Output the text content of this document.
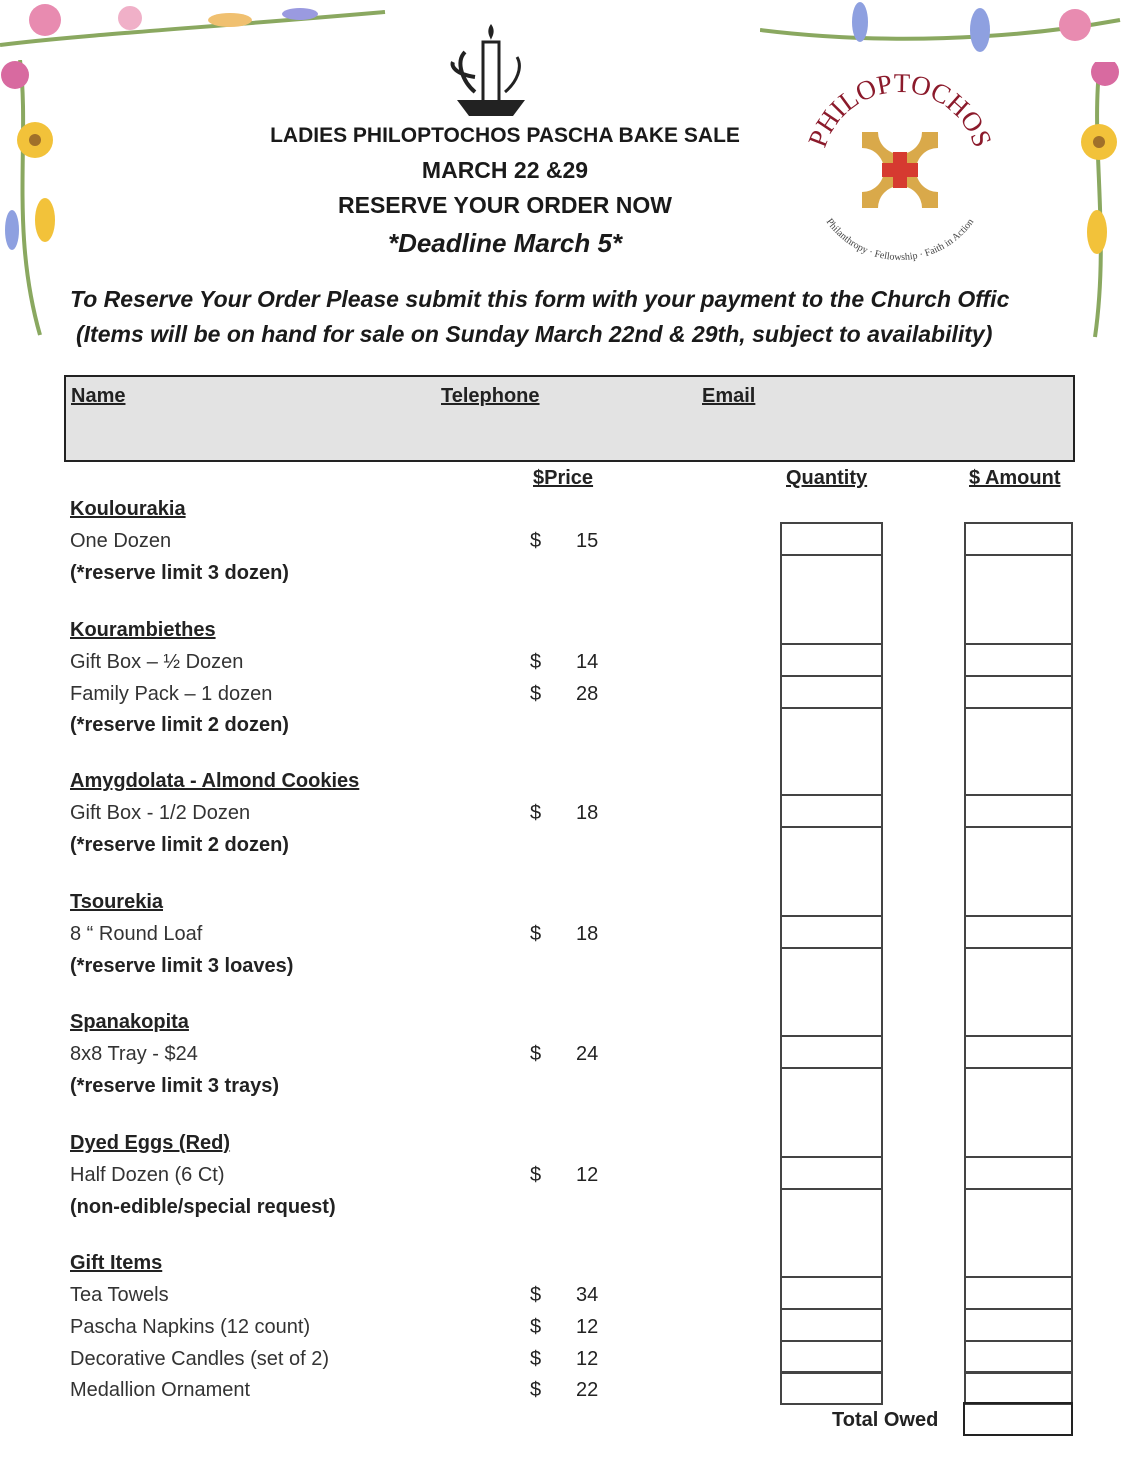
LADIES PHILOPTOCHOS PASCHA BAKE SALE
MARCH 22 &29
RESERVE YOUR ORDER NOW
*Deadline March 5*
PHILOPTOCHOS
Philanthropy · Fellowship · Faith in Action
To Reserve Your Order Please submit this form with your payment to the Church Offic
(Items will be on hand for sale on Sunday March 22nd & 29th, subject to availability)
Name	Telephone	Email
$Price	Quantity	$ Amount
Koulourakia
One Dozen	$ 15
(*reserve limit 3 dozen)
Kourambiethes
Gift Box – ½ Dozen	$ 14
Family Pack – 1 dozen	$ 28
(*reserve limit 2 dozen)
Amygdolata - Almond Cookies
Gift Box - 1/2 Dozen	$ 18
(*reserve limit 2 dozen)
Tsourekia
8 “ Round Loaf	$ 18
(*reserve limit 3 loaves)
Spanakopita
8x8 Tray - $24	$ 24
(*reserve limit 3 trays)
Dyed Eggs (Red)
Half Dozen (6 Ct)	$ 12
(non-edible/special request)
Gift Items
Tea Towels	$ 34
Pascha Napkins (12 count)	$ 12
Decorative Candles (set of 2)	$ 12
Medallion Ornament	$ 22
Total Owed
